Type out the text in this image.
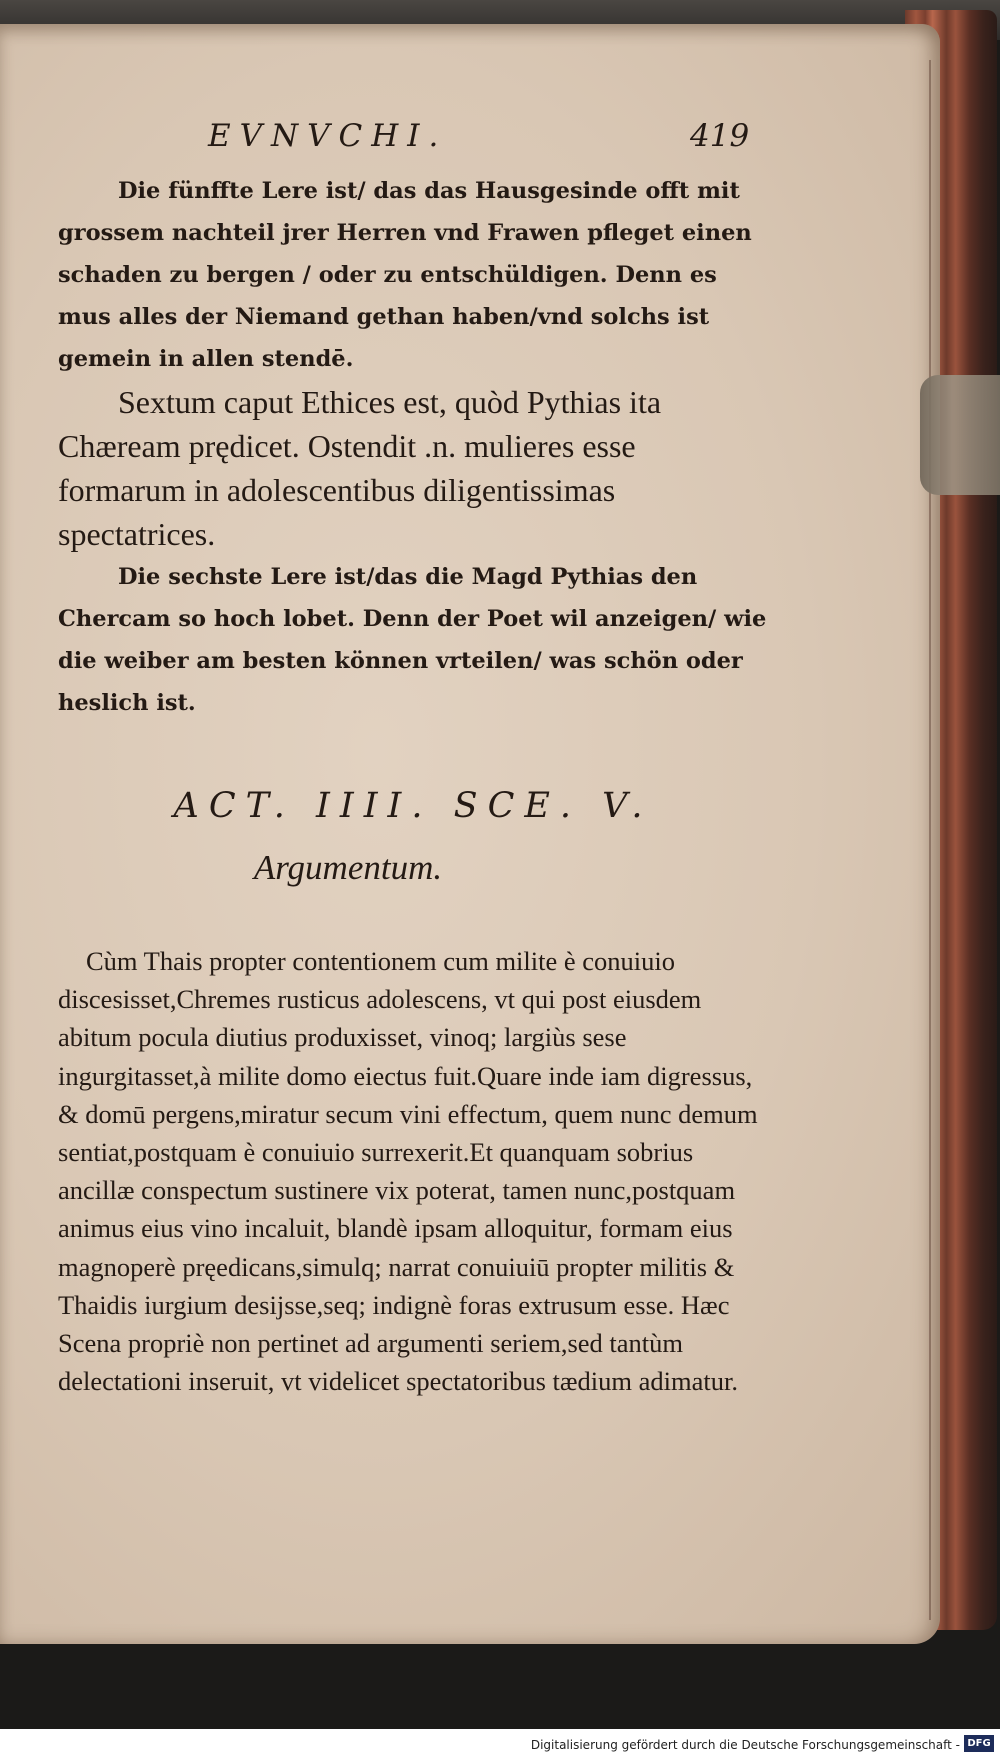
EVNVCHI.	419

Die fünffte Lere ist/ das das Hausgesinde offt mit grossem nachteil jrer Herren vnd Frawen pfleget einen schaden zu bergen / oder zu entschüldigen. Denn es mus alles der Niemand gethan haben/vnd solchs ist gemein in allen stendē.

Sextum caput Ethices est, quòd Pythias ita Chæream prędicet. Ostendit .n. mulieres esse formarum in adolescentibus diligentissimas spectatrices.

Die sechste Lere ist/das die Magd Pythias den Chercam so hoch lobet. Denn der Poet wil anzeigen/ wie die weiber am besten können vrteilen/ was schön oder heslich ist.

ACT. IIII. SCE. V.
Argumentum.

Cùm Thais propter contentionem cum milite è conuiuio discesisset,Chremes rusticus adolescens, vt qui post eiusdem abitum pocula diutius produxisset, vinoq; largiùs sese ingurgitasset,à milite domo eiectus fuit.Quare inde iam digressus, & domū pergens,miratur secum vini effectum, quem nunc demum sentiat,postquam è conuiuio surrexerit.Et quanquam sobrius ancillæ conspectum sustinere vix poterat, tamen nunc,postquam animus eius vino incaluit, blandè ipsam alloquitur, formam eius magnoperè pręedicans,simulq; narrat conuiuiū propter militis & Thaidis iurgium desijsse,seq; indignè foras extrusum esse. Hæc Scena propriè non pertinet ad argumenti seriem,sed tantùm delectationi inseruit, vt videlicet spectatoribus tædium adimatur.

Digitalisierung gefördert durch die Deutsche Forschungsgemeinschaft - DFG
